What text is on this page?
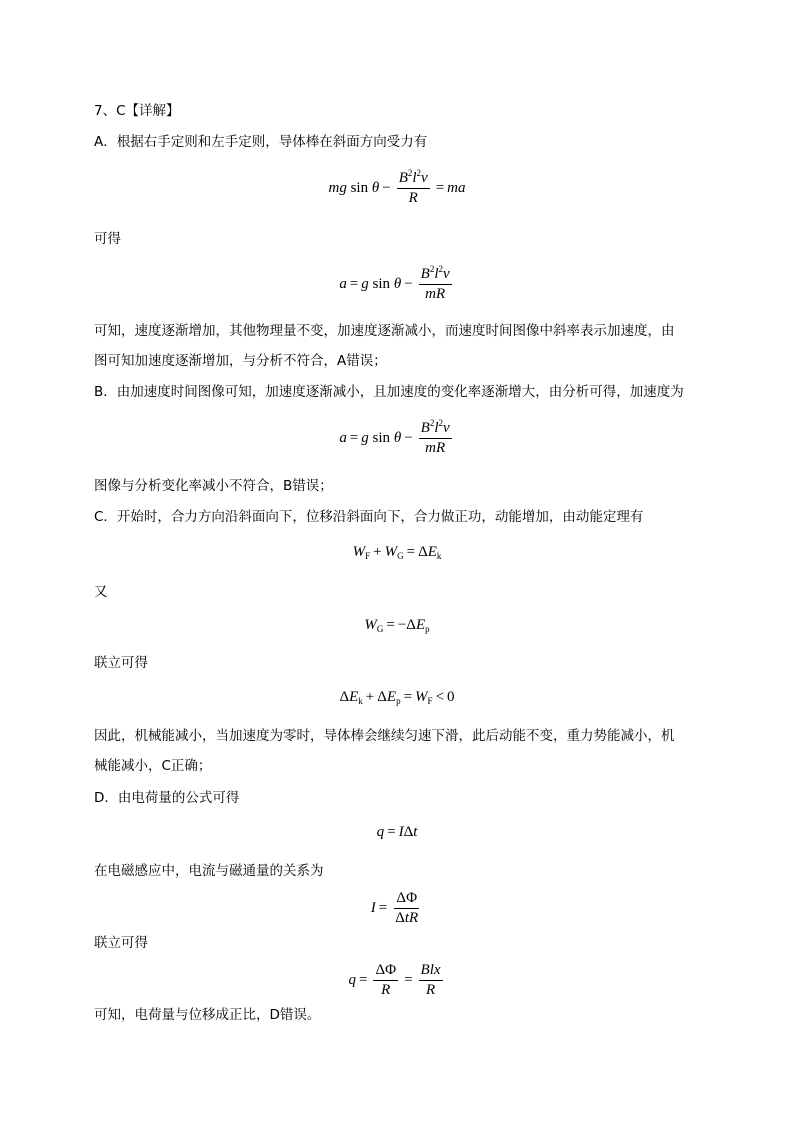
7、C【详解】
A．根据右手定则和左手定则，导体棒在斜面方向受力有
mg $\sin \theta - \frac{B^2l^2v}{R}$ = ma
可得
a = g $\sin \theta - \frac{B^2l^2v}{mR}$
可知，速度逐渐增加，其他物理量不变，加速度逐渐减小，而速度时间图像中斜率表示加速度，由
图可知加速度逐渐增加，与分析不符合，A错误；
B．由加速度时间图像可知，加速度逐渐减小，且加速度的变化率逐渐增大，由分析可得，加速度为
a = g $\sin \theta - \frac{B^2l^2v}{mR}$
图像与分析变化率减小不符合，B错误；
C．开始时，合力方向沿斜面向下，位移沿斜面向下，合力做正功，动能增加，由动能定理有
$W_F + W_G = \Delta E_k$
又
$W_G = -\Delta E_p$
联立可得
$\Delta E_k + \Delta E_p = W_F < 0$
因此，机械能减小，当加速度为零时，导体棒会继续匀速下滑，此后动能不变，重力势能减小，机
械能减小，C正确；
D．由电荷量的公式可得
q = IΔt
在电磁感应中，电流与磁通量的关系为
$I = \frac{\Delta\Phi}{\text{ΔtR}}$
联立可得
$q = \frac{\Delta\Phi}{R} = \frac{\text{Blx}}{R}$
可知，电荷量与位移成正比，D错误。
